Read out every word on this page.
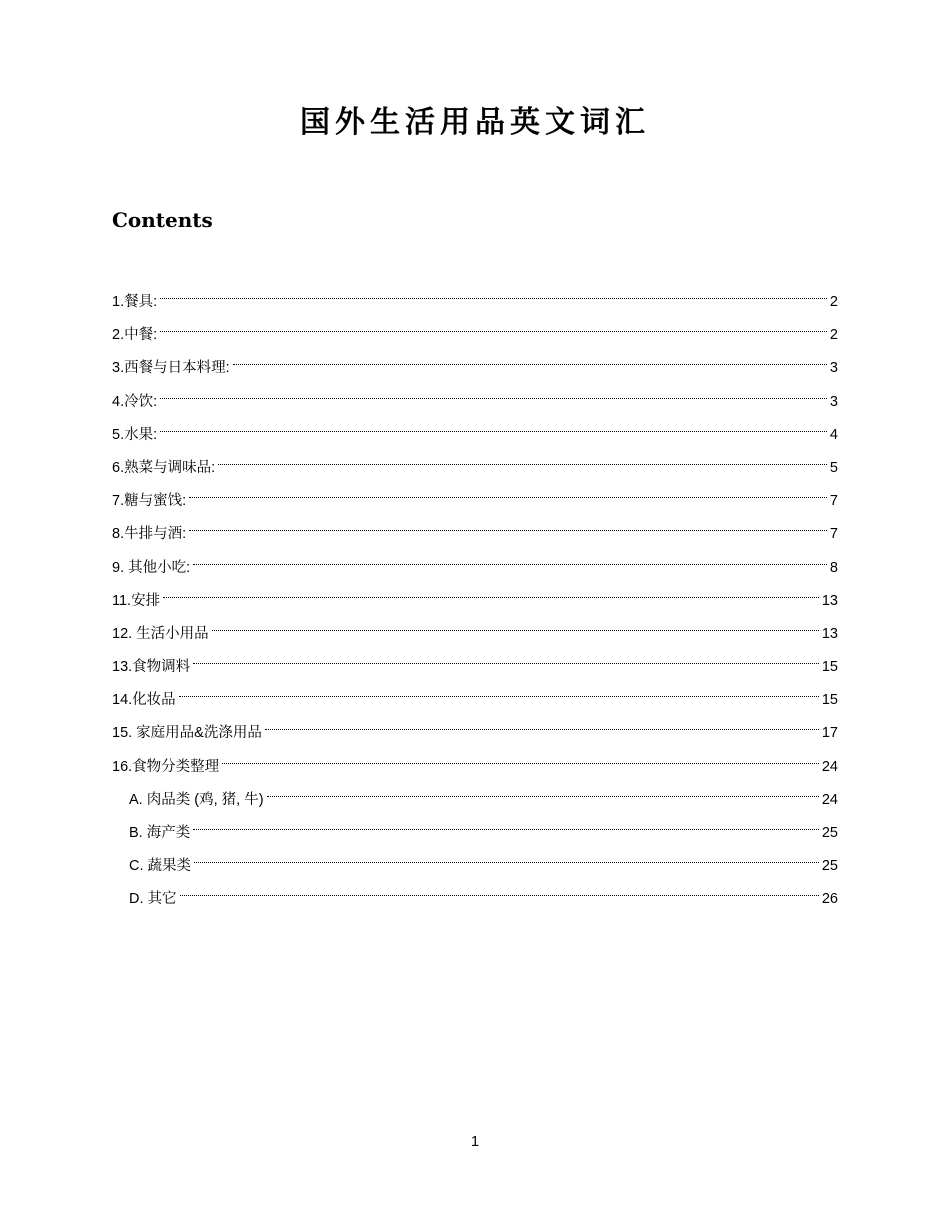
国外生活用品英文词汇
Contents
1.餐具:	2
2.中餐:	2
3.西餐与日本料理:	3
4.冷饮:	3
5.水果:	4
6.熟菜与调味品:	5
7.糖与蜜饯:	7
8.牛排与酒:	7
9. 其他小吃:	8
11.安排	13
12. 生活小用品	13
13.食物调料	15
14.化妆品	15
15. 家庭用品&洗涤用品	17
16.食物分类整理	24
A. 肉品类 (鸡, 猪, 牛)	24
B. 海产类	25
C. 蔬果类	25
D. 其它	26
1
